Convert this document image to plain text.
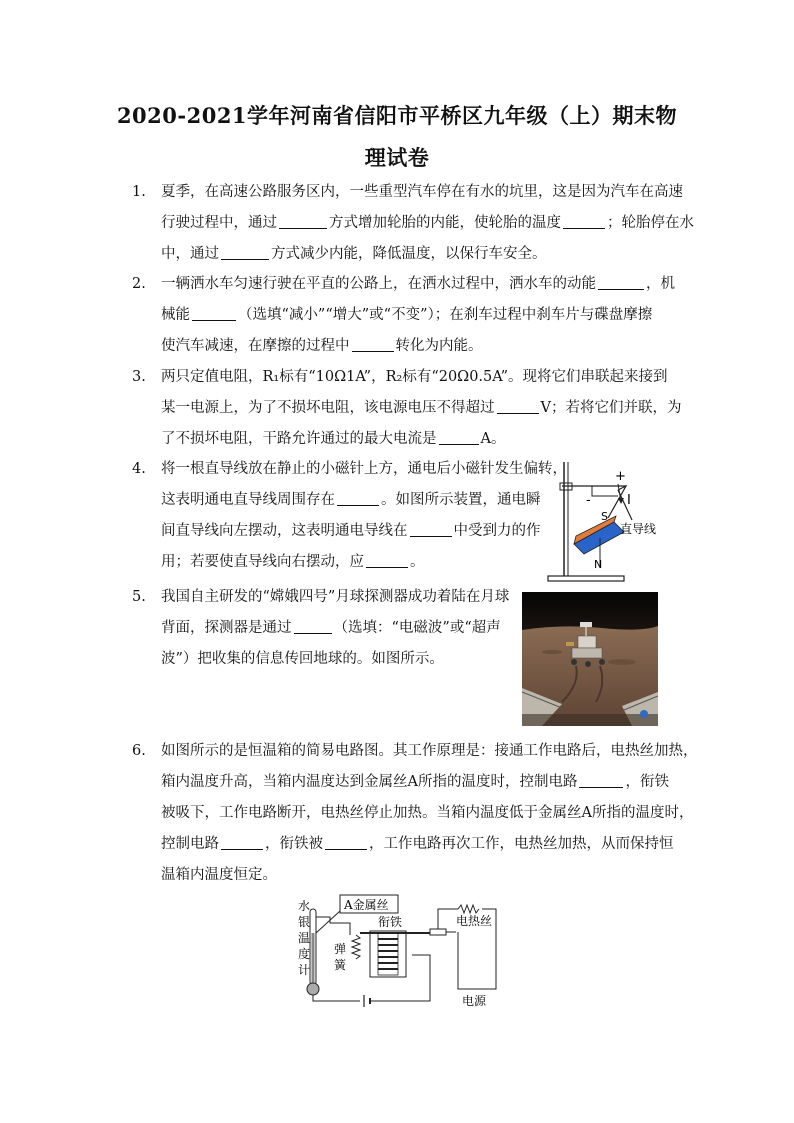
2020-2021学年河南省信阳市平桥区九年级（上）期末物
理试卷
1.	夏季，在高速公路服务区内，一些重型汽车停在有水的坑里，这是因为汽车在高速
行驶过程中，通过	方式增加轮胎的内能，使轮胎的温度	；轮胎停在水
中，通过	方式减少内能，降低温度，以保行车安全。
2.	一辆洒水车匀速行驶在平直的公路上，在洒水过程中，洒水车的动能	，机
械能	（选填“减小”“增大”或“不变”）；在刹车过程中刹车片与碟盘摩擦
使汽车减速，在摩擦的过程中	转化为内能。
3.	两只定值电阻，R₁标有“10Ω1A”，R₂标有“20Ω0.5A”。现将它们串联起来接到
某一电源上，为了不损坏电阻，该电源电压不得超过	V；若将它们并联，为
了不损坏电阻，干路允许通过的最大电流是	A。
4.	将一根直导线放在静止的小磁针上方，通电后小磁针发生偏转，
这表明通电直导线周围存在	。如图所示装置，通电瞬
间直导线向左摆动，这表明通电导线在	中受到力的作
用；若要使直导线向右摆动，应	。
5.	我国自主研发的“嫦娥四号”月球探测器成功着陆在月球
背面，探测器是通过	（选填：“电磁波”或“超声
波”）把收集的信息传回地球的。如图所示。
6.	如图所示的是恒温箱的简易电路图。其工作原理是：接通工作电路后，电热丝加热，
箱内温度升高，当箱内温度达到金属丝A所指的温度时，控制电路	，衔铁
被吸下，工作电路断开，电热丝停止加热。当箱内温度低于金属丝A所指的温度时，
控制电路	，衔铁被	，工作电路再次工作，电热丝加热，从而保持恒
温箱内温度恒定。
-
+
I
S
N
直导线
水
银
温
度
计
A金属丝
弹
簧
衔铁	电热丝
电源
